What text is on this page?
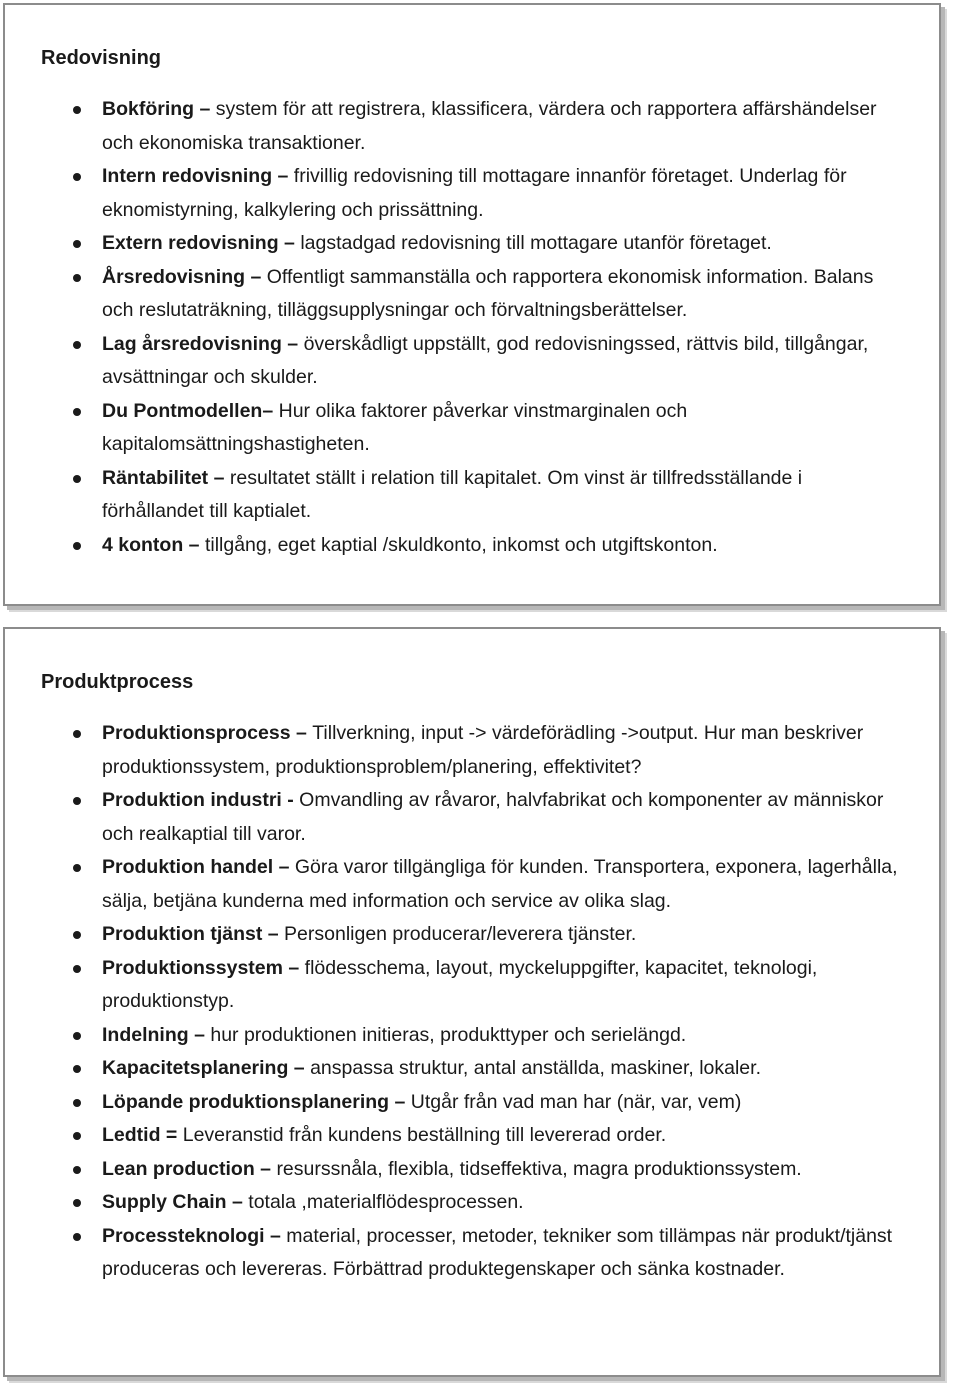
Redovisning
Bokföring – system för att registrera, klassificera, värdera och rapportera affärshändelser och ekonomiska transaktioner.
Intern redovisning – frivillig redovisning till mottagare innanför företaget. Underlag för eknomistyrning, kalkylering och prissättning.
Extern redovisning – lagstadgad redovisning till mottagare utanför företaget.
Årsredovisning – Offentligt sammanställa och rapportera ekonomisk information. Balans och reslutaträkning, tilläggsupplysningar och förvaltningsberättelser.
Lag årsredovisning – överskådligt uppställt, god redovisningssed, rättvis bild, tillgångar, avsättningar och skulder.
Du Pontmodellen– Hur olika faktorer påverkar vinstmarginalen och kapitalomsättningshastigheten.
Räntabilitet – resultatet ställt i relation till kapitalet. Om vinst är tillfredsställande i förhållandet till kaptialet.
4 konton – tillgång, eget kaptial /skuldkonto, inkomst och utgiftskonton.
Produktprocess
Produktionsprocess – Tillverkning, input -> värdeförädling ->output. Hur man beskriver produktionssystem, produktionsproblem/planering, effektivitet?
Produktion industri - Omvandling av råvaror, halvfabrikat och komponenter av människor och realkaptial till varor.
Produktion handel – Göra varor tillgängliga för kunden. Transportera, exponera, lagerhålla, sälja, betjäna kunderna med information och service av olika slag.
Produktion tjänst – Personligen producerar/leverera tjänster.
Produktionssystem – flödesschema, layout, myckeluppgifter, kapacitet, teknologi, produktionstyp.
Indelning – hur produktionen initieras, produkttyper och serielängd.
Kapacitetsplanering – anspassa struktur, antal anställda, maskiner, lokaler.
Löpande produktionsplanering – Utgår från vad man har (när, var, vem)
Ledtid = Leveranstid från kundens beställning till levererad order.
Lean production – resurssnåla, flexibla, tidseffektiva, magra produktionssystem.
Supply Chain – totala ,materialflödesprocessen.
Processteknologi – material, processer, metoder, tekniker som tillämpas när produkt/tjänst produceras och levereras. Förbättrad produktegenskaper och sänka kostnader.
